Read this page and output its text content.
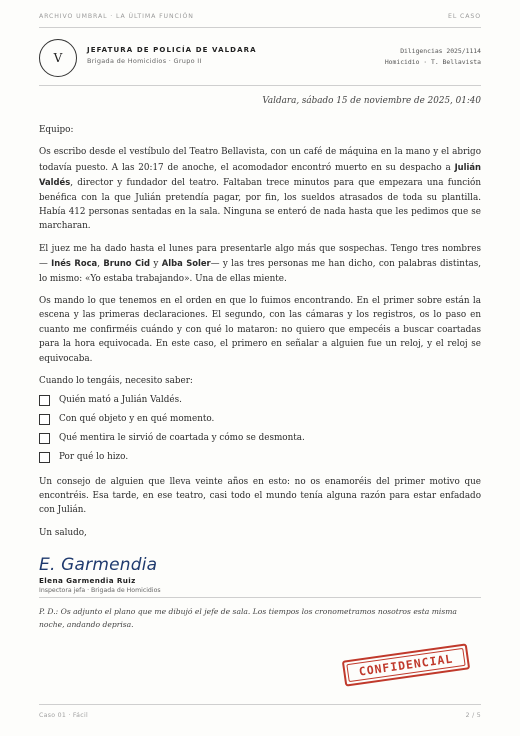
ARCHIVO UMBRAL · LA ÚLTIMA FUNCIÓN	EL CASO
V
JEFATURA DE POLICÍA DE VALDARA
Brigada de Homicidios · Grupo II
Diligencias 2025/1114
Homicidio · T. Bellavista
Valdara, sábado 15 de noviembre de 2025, 01:40

Equipo:

Os escribo desde el vestíbulo del Teatro Bellavista, con un café de máquina en la mano y el abrigo todavía puesto. A las 20:17 de anoche, el acomodador encontró muerto en su despacho a Julián Valdés, director y fundador del teatro. Faltaban trece minutos para que empezara una función benéfica con la que Julián pretendía pagar, por fin, los sueldos atrasados de toda su plantilla. Había 412 personas sentadas en la sala. Ninguna se enteró de nada hasta que les pedimos que se marcharan.

El juez me ha dado hasta el lunes para presentarle algo más que sospechas. Tengo tres nombres — Inés Roca, Bruno Cid y Alba Soler— y las tres personas me han dicho, con palabras distintas, lo mismo: «Yo estaba trabajando». Una de ellas miente.

Os mando lo que tenemos en el orden en que lo fuimos encontrando. En el primer sobre están la escena y las primeras declaraciones. El segundo, con las cámaras y los registros, os lo paso en cuanto me confirméis cuándo y con qué lo mataron: no quiero que empecéis a buscar coartadas para la hora equivocada. En este caso, el primero en señalar a alguien fue un reloj, y el reloj se equivocaba.

Cuando lo tengáis, necesito saber:

Quién mató a Julián Valdés.
Con qué objeto y en qué momento.
Qué mentira le sirvió de coartada y cómo se desmonta.
Por qué lo hizo.

Un consejo de alguien que lleva veinte años en esto: no os enamoréis del primer motivo que encontréis. Esa tarde, en ese teatro, casi todo el mundo tenía alguna razón para estar enfadado con Julián.

Un saludo,

E. Garmendia
Elena Garmendia Ruiz
Inspectora jefa · Brigada de Homicidios
P. D.: Os adjunto el plano que me dibujó el jefe de sala. Los tiempos los cronometramos nosotros esta misma noche, andando deprisa.
CONFIDENCIAL
Caso 01 · Fácil	2 / 5
